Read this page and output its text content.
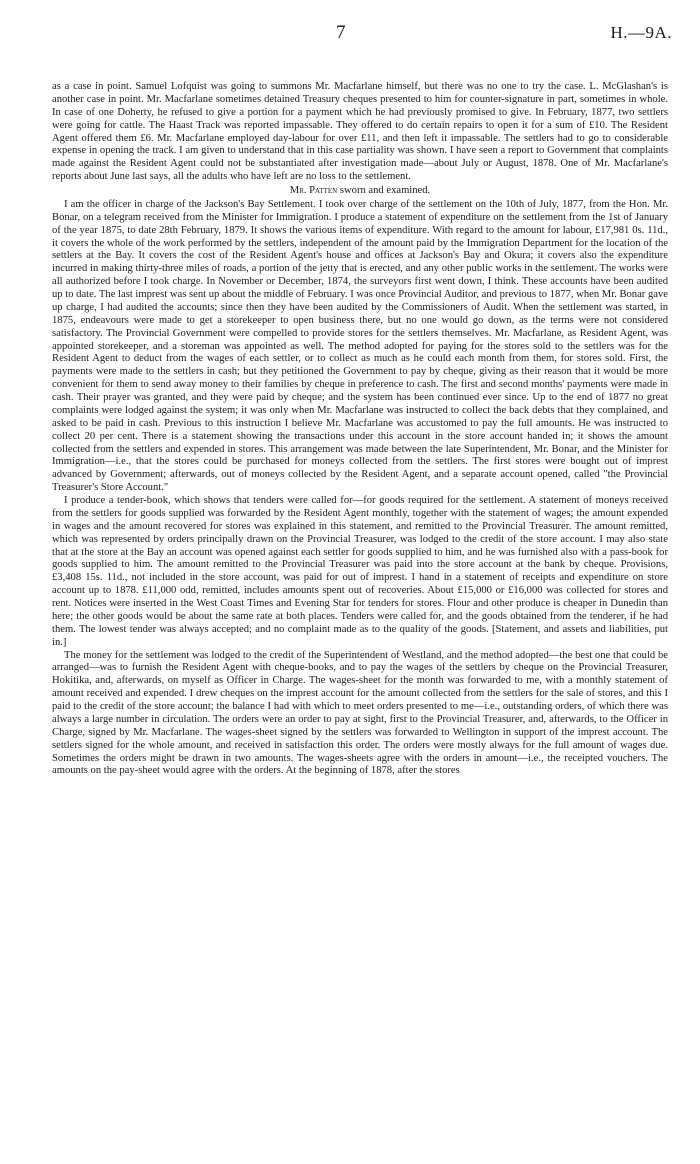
7	H.—9A.

as a case in point. Samuel Lofquist was going to summons Mr. Macfarlane himself, but there was no one to try the case. L. McGlashan's is another case in point. Mr. Macfarlane sometimes detained Treasury cheques presented to him for counter-signature in part, sometimes in whole. In case of one Doherty, he refused to give a portion for a payment which he had previously promised to give. In February, 1877, two settlers were going for cattle. The Haast Track was reported impassable. They offered to do certain repairs to open it for a sum of £10. The Resident Agent offered them £6. Mr. Macfarlane employed day-labour for over £11, and then left it impassable. The settlers had to go to considerable expense in opening the track. I am given to understand that in this case partiality was shown. I have seen a report to Government that complaints made against the Resident Agent could not be substantiated after investigation made—about July or August, 1878. One of Mr. Macfarlane's reports about June last says, all the adults who have left are no loss to the settlement.

Mr. Patten sworn and examined.

I am the officer in charge of the Jackson's Bay Settlement. I took over charge of the settlement on the 10th of July, 1877, from the Hon. Mr. Bonar, on a telegram received from the Minister for Immigration. I produce a statement of expenditure on the settlement from the 1st of January of the year 1875, to date 28th February, 1879. It shows the various items of expenditure. With regard to the amount for labour, £17,981 0s. 11d., it covers the whole of the work performed by the settlers, independent of the amount paid by the Immigration Department for the location of the settlers at the Bay. It covers the cost of the Resident Agent's house and offices at Jackson's Bay and Okura; it covers also the expenditure incurred in making thirty-three miles of roads, a portion of the jetty that is erected, and any other public works in the settlement. The works were all authorized before I took charge. In November or December, 1874, the surveyors first went down, I think. These accounts have been audited up to date. The last imprest was sent up about the middle of February. I was once Provincial Auditor, and previous to 1877, when Mr. Bonar gave up charge, I had audited the accounts; since then they have been audited by the Commissioners of Audit. When the settlement was started, in 1875, endeavours were made to get a storekeeper to open business there, but no one would go down, as the terms were not considered satisfactory. The Provincial Government were compelled to provide stores for the settlers themselves. Mr. Macfarlane, as Resident Agent, was appointed storekeeper, and a storeman was appointed as well. The method adopted for paying for the stores sold to the settlers was for the Resident Agent to deduct from the wages of each settler, or to collect as much as he could each month from them, for stores sold. First, the payments were made to the settlers in cash; but they petitioned the Government to pay by cheque, giving as their reason that it would be more convenient for them to send away money to their families by cheque in preference to cash. The first and second months' payments were made in cash. Their prayer was granted, and they were paid by cheque; and the system has been continued ever since. Up to the end of 1877 no great complaints were lodged against the system; it was only when Mr. Macfarlane was instructed to collect the back debts that they complained, and asked to be paid in cash. Previous to this instruction I believe Mr. Macfarlane was accustomed to pay the full amounts. He was instructed to collect 20 per cent. There is a statement showing the transactions under this account in the store account handed in; it shows the amount collected from the settlers and expended in stores. This arrangement was made between the late Superintendent, Mr. Bonar, and the Minister for Immigration—i.e., that the stores could be purchased for moneys collected from the settlers. The first stores were bought out of imprest advanced by Government; afterwards, out of moneys collected by the Resident Agent, and a separate account opened, called "the Provincial Treasurer's Store Account."

I produce a tender-book, which shows that tenders were called for—for goods required for the settlement. A statement of moneys received from the settlers for goods supplied was forwarded by the Resident Agent monthly, together with the statement of wages; the amount expended in wages and the amount recovered for stores was explained in this statement, and remitted to the Provincial Treasurer. The amount remitted, which was represented by orders principally drawn on the Provincial Treasurer, was lodged to the credit of the store account. I may also state that at the store at the Bay an account was opened against each settler for goods supplied to him, and he was furnished also with a pass-book for goods supplied to him. The amount remitted to the Provincial Treasurer was paid into the store account at the bank by cheque. Provisions, £3,408 15s. 11d., not included in the store account, was paid for out of imprest. I hand in a statement of receipts and expenditure on store account up to 1878. £11,000 odd, remitted, includes amounts spent out of recoveries. About £15,000 or £16,000 was collected for stores and rent. Notices were inserted in the West Coast Times and Evening Star for tenders for stores. Flour and other produce is cheaper in Dunedin than here; the other goods would be about the same rate at both places. Tenders were called for, and the goods obtained from the tenderer, if he had them. The lowest tender was always accepted; and no complaint made as to the quality of the goods. [Statement, and assets and liabilities, put in.]

The money for the settlement was lodged to the credit of the Superintendent of Westland, and the method adopted—the best one that could be arranged—was to furnish the Resident Agent with cheque-books, and to pay the wages of the settlers by cheque on the Provincial Treasurer, Hokitika, and, afterwards, on myself as Officer in Charge. The wages-sheet for the month was forwarded to me, with a monthly statement of amount received and expended. I drew cheques on the imprest account for the amount collected from the settlers for the sale of stores, and this I paid to the credit of the store account; the balance I had with which to meet orders presented to me—i.e., outstanding orders, of which there was always a large number in circulation. The orders were an order to pay at sight, first to the Provincial Treasurer, and, afterwards, to the Officer in Charge, signed by Mr. Macfarlane. The wages-sheet signed by the settlers was forwarded to Wellington in support of the imprest account. The settlers signed for the whole amount, and received in satisfaction this order. The orders were mostly always for the full amount of wages due. Sometimes the orders might be drawn in two amounts. The wages-sheets agree with the orders in amount—i.e., the receipted vouchers. The amounts on the pay-sheet would agree with the orders. At the beginning of 1878, after the stores
